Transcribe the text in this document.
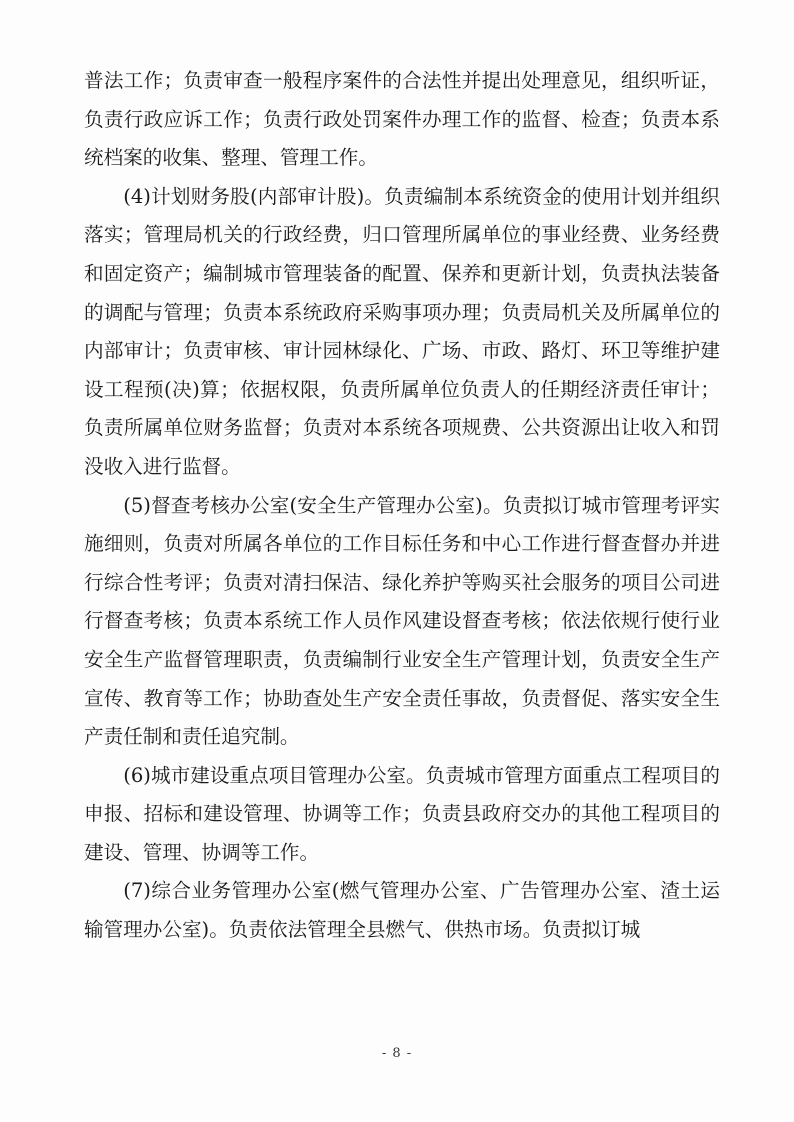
普法工作；负责审查一般程序案件的合法性并提出处理意见，组织听证，负责行政应诉工作；负责行政处罚案件办理工作的监督、检查；负责本系统档案的收集、整理、管理工作。

(4)计划财务股(内部审计股)。负责编制本系统资金的使用计划并组织落实；管理局机关的行政经费，归口管理所属单位的事业经费、业务经费和固定资产；编制城市管理装备的配置、保养和更新计划，负责执法装备的调配与管理；负责本系统政府采购事项办理；负责局机关及所属单位的内部审计；负责审核、审计园林绿化、广场、市政、路灯、环卫等维护建设工程预(决)算；依据权限，负责所属单位负责人的任期经济责任审计；负责所属单位财务监督；负责对本系统各项规费、公共资源出让收入和罚没收入进行监督。

(5)督查考核办公室(安全生产管理办公室)。负责拟订城市管理考评实施细则，负责对所属各单位的工作目标任务和中心工作进行督查督办并进行综合性考评；负责对清扫保洁、绿化养护等购买社会服务的项目公司进行督查考核；负责本系统工作人员作风建设督查考核；依法依规行使行业安全生产监督管理职责，负责编制行业安全生产管理计划，负责安全生产宣传、教育等工作；协助查处生产安全责任事故，负责督促、落实安全生产责任制和责任追究制。

(6)城市建设重点项目管理办公室。负责城市管理方面重点工程项目的申报、招标和建设管理、协调等工作；负责县政府交办的其他工程项目的建设、管理、协调等工作。

(7)综合业务管理办公室(燃气管理办公室、广告管理办公室、渣土运输管理办公室)。负责依法管理全县燃气、供热市场。负责拟订城

- 8 -
